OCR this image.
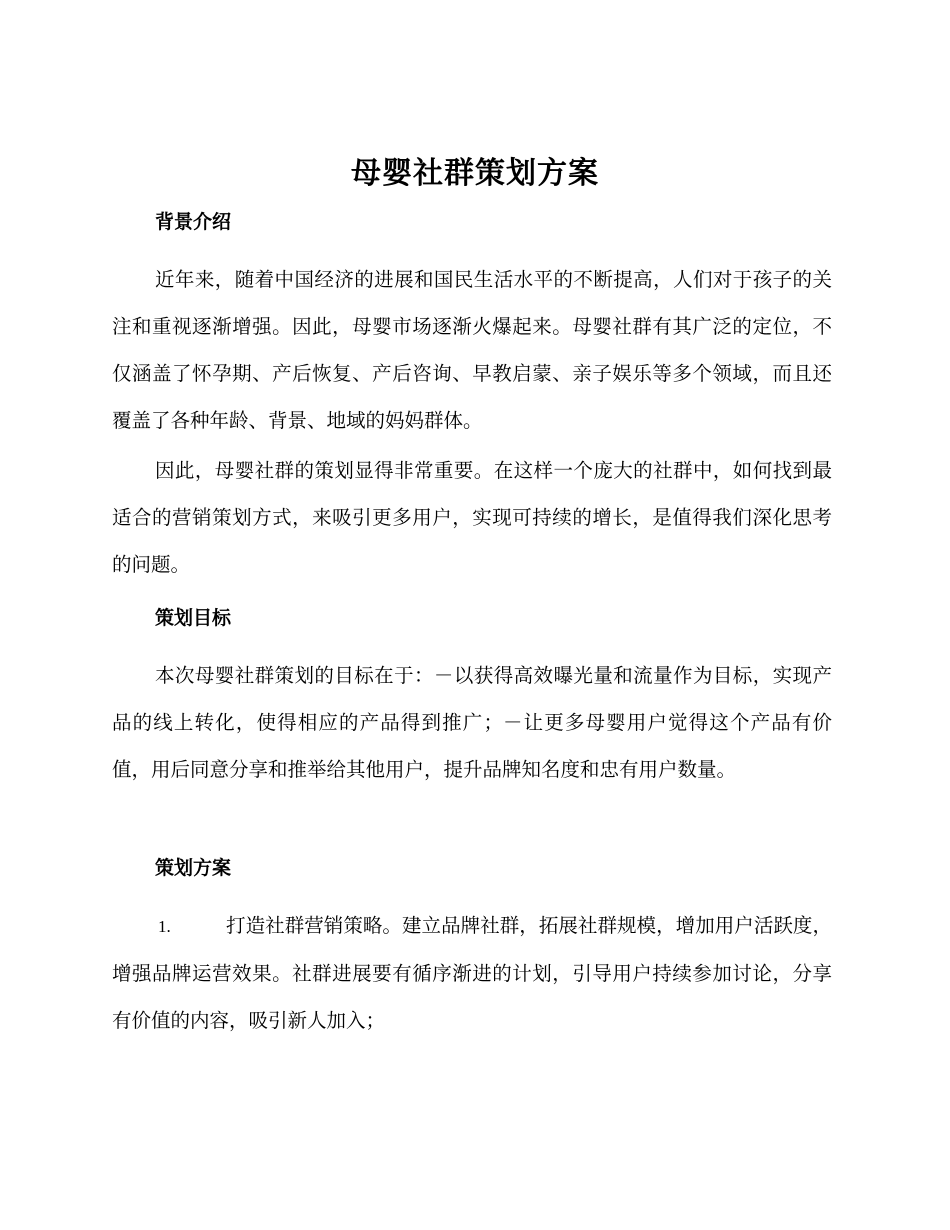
母婴社群策划方案
背景介绍

近年来，随着中国经济的进展和国民生活水平的不断提高，人们对于孩子的关注和重视逐渐增强。因此，母婴市场逐渐火爆起来。母婴社群有其广泛的定位，不仅涵盖了怀孕期、产后恢复、产后咨询、早教启蒙、亲子娱乐等多个领域，而且还覆盖了各种年龄、背景、地域的妈妈群体。

因此，母婴社群的策划显得非常重要。在这样一个庞大的社群中，如何找到最适合的营销策划方式，来吸引更多用户，实现可持续的增长，是值得我们深化思考的问题。

策划目标

本次母婴社群策划的目标在于：－以获得高效曝光量和流量作为目标，实现产品的线上转化，使得相应的产品得到推广；－让更多母婴用户觉得这个产品有价值，用后同意分享和推举给其他用户，提升品牌知名度和忠有用户数量。

策划方案

1.	打造社群营销策略。建立品牌社群，拓展社群规模，增加用户活跃度，增强品牌运营效果。社群进展要有循序渐进的计划，引导用户持续参加讨论，分享有价值的内容，吸引新人加入；
